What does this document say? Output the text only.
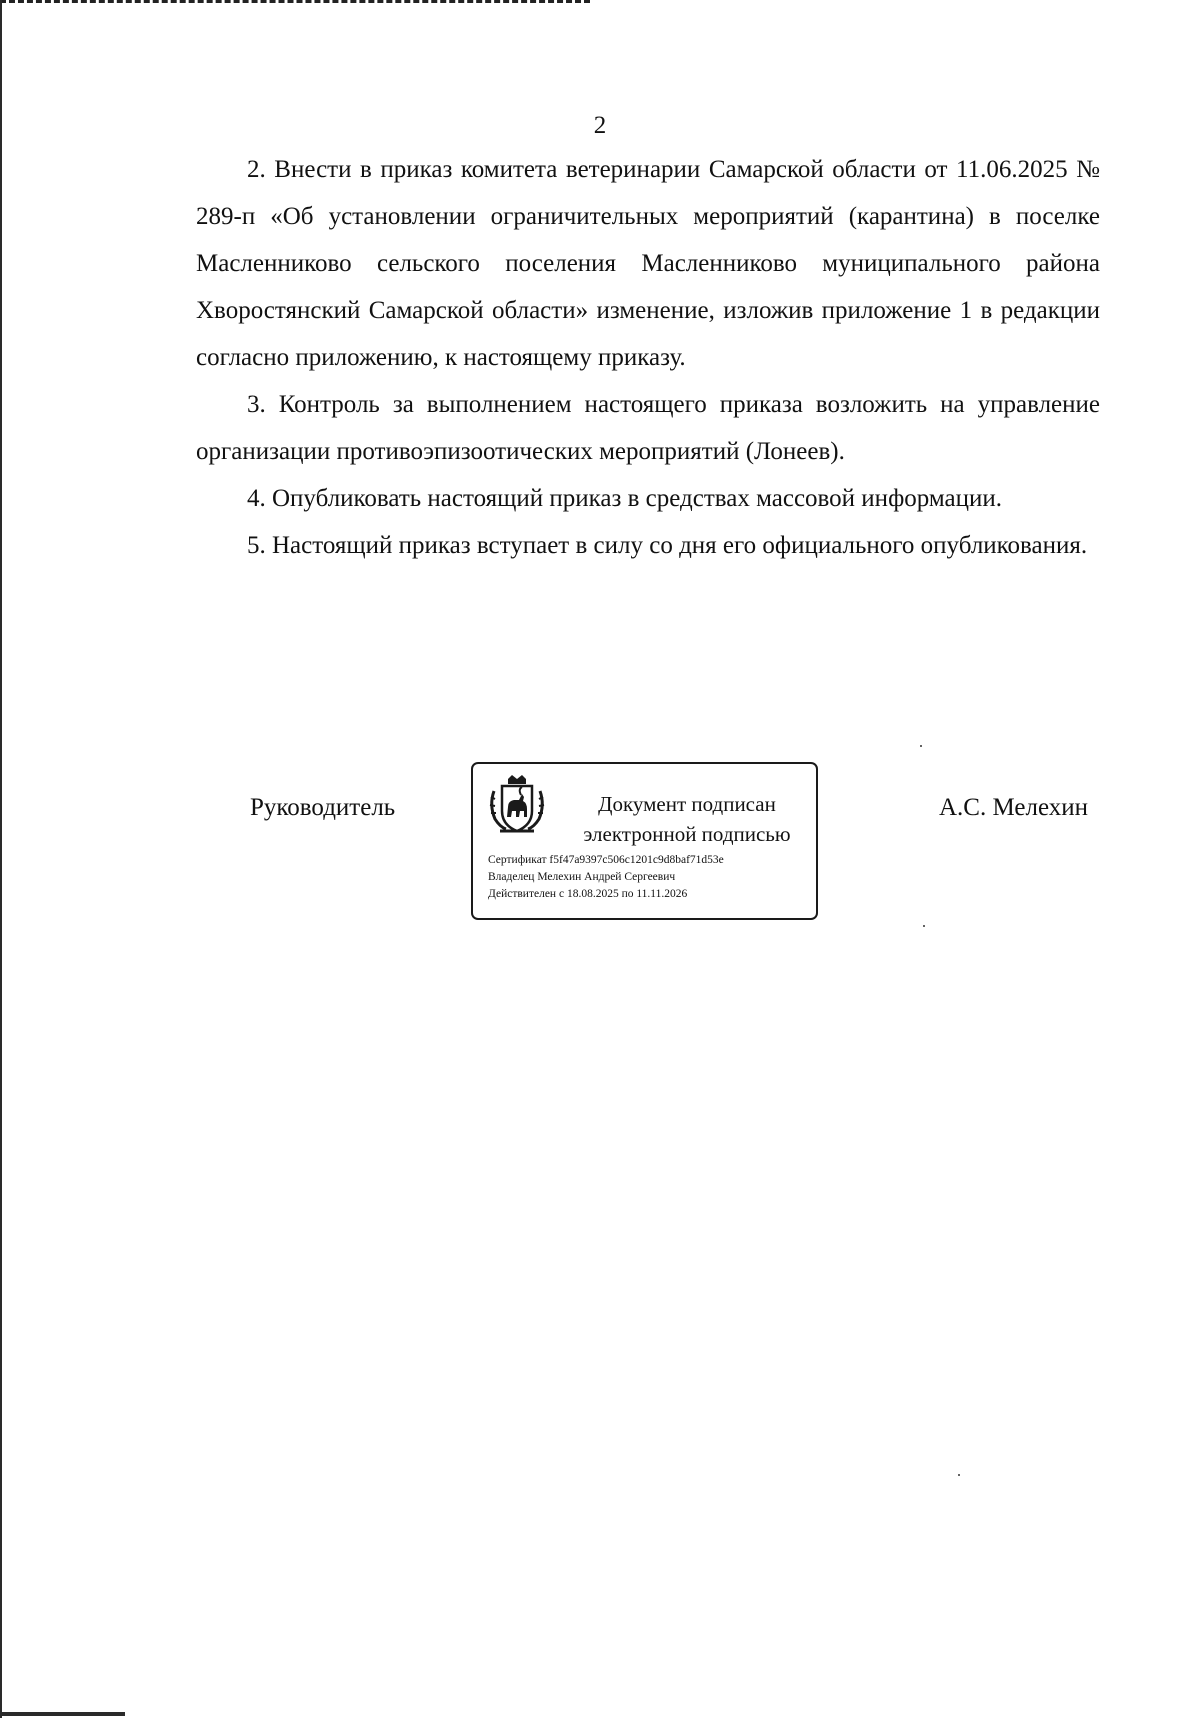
2

2. Внести в приказ комитета ветеринарии Самарской области от 11.06.2025 № 289-п «Об установлении ограничительных мероприятий (карантина) в поселке Масленниково сельского поселения Масленниково муниципального района Хворостянский Самарской области» изменение, изложив приложение 1 в редакции согласно приложению, к настоящему приказу.

3. Контроль за выполнением настоящего приказа возложить на управление организации противоэпизоотических мероприятий (Лонеев).

4. Опубликовать настоящий приказ в средствах массовой информации.

5. Настоящий приказ вступает в силу со дня его официального опубликования.

Руководитель	Документ подписан
электронной подписью
Сертификат f5f47a9397c506c1201c9d8baf71d53e
Владелец Мелехин Андрей Сергеевич
Действителен с 18.08.2025 по 11.11.2026
А.С. Мелехин
